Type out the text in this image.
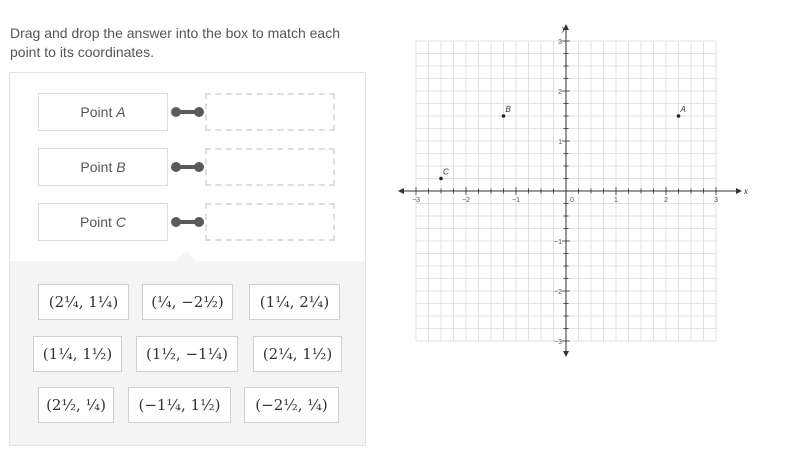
Drag and drop the answer into the box to match each point to its coordinates.
Point
A
Point
B
Point
C
(2¼, 1¼)	(¼, −2½)	(1¼, 2¼)
(1¼, 1½)	(1½, −1¼)	(2¼, 1½)
(2½, ¼)	(−1¼, 1½)	(−2½, ¼)
x
y
−3	−2	−1	0	1	2	3
3
2
1
−1
−2
−3
A
B
C
